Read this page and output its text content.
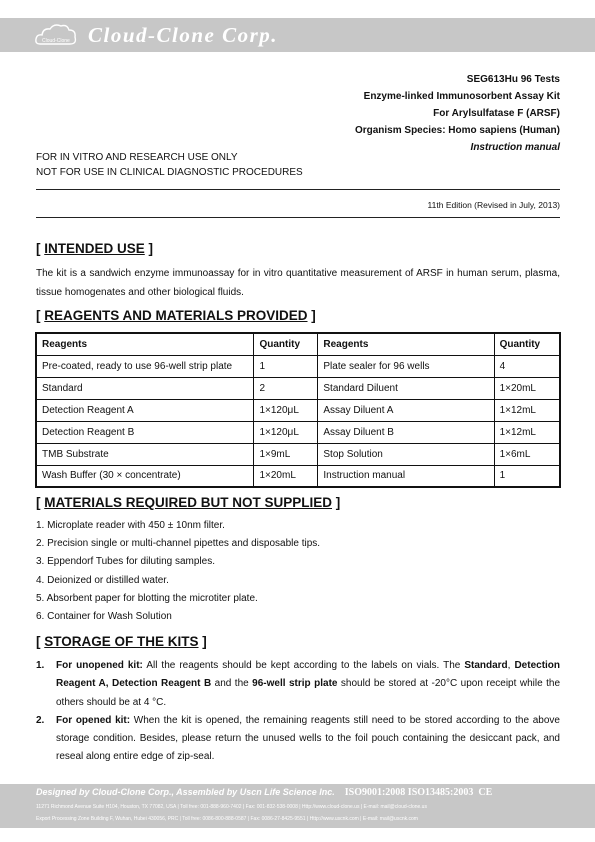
Cloud-Clone Cloud-Clone Corp.
SEG613Hu 96 Tests
Enzyme-linked Immunosorbent Assay Kit
For Arylsulfatase F (ARSF)
Organism Species: Homo sapiens (Human)
Instruction manual
FOR IN VITRO AND RESEARCH USE ONLY
NOT FOR USE IN CLINICAL DIAGNOSTIC PROCEDURES
11th Edition (Revised in July, 2013)
[ INTENDED USE ]
The kit is a sandwich enzyme immunoassay for in vitro quantitative measurement of ARSF in human serum, plasma, tissue homogenates and other biological fluids.
[ REAGENTS AND MATERIALS PROVIDED ]
Reagents	Quantity	Reagents	Quantity
Pre-coated, ready to use 96-well strip plate	1	Plate sealer for 96 wells	4
Standard	2	Standard Diluent	1×20mL
Detection Reagent A	1×120μL	Assay Diluent A	1×12mL
Detection Reagent B	1×120μL	Assay Diluent B	1×12mL
TMB Substrate	1×9mL	Stop Solution	1×6mL
Wash Buffer (30 × concentrate)	1×20mL	Instruction manual	1
[ MATERIALS REQUIRED BUT NOT SUPPLIED ]
1. Microplate reader with 450 ± 10nm filter.
2. Precision single or multi-channel pipettes and disposable tips.
3. Eppendorf Tubes for diluting samples.
4. Deionized or distilled water.
5. Absorbent paper for blotting the microtiter plate.
6. Container for Wash Solution
[ STORAGE OF THE KITS ]
1. For unopened kit: All the reagents should be kept according to the labels on vials. The Standard, Detection Reagent A, Detection Reagent B and the 96-well strip plate should be stored at -20°C upon receipt while the others should be at 4 °C.
2. For opened kit: When the kit is opened, the remaining reagents still need to be stored according to the above storage condition. Besides, please return the unused wells to the foil pouch containing the desiccant pack, and reseal along entire edge of zip-seal.
Designed by Cloud-Clone Corp., Assembled by Uscn Life Science Inc. ISO9001:2008 ISO13485:2003 CE
11271 Richmond Avenue Suite H104, Houston, TX 77082, USA | Toll free: 001-888-960-7402 | Fax: 001-832-538-0008 | Http://www.cloud-clone.us | E-mail: mail@cloud-clone.us
Export Processing Zone Building F, Wuhan, Hubei 430056, PRC | Toll free: 0086-800-888-0587 | Fax: 0086-27-8425-9551 | Http://www.uscnk.com | E-mail: mail@uscnk.com
